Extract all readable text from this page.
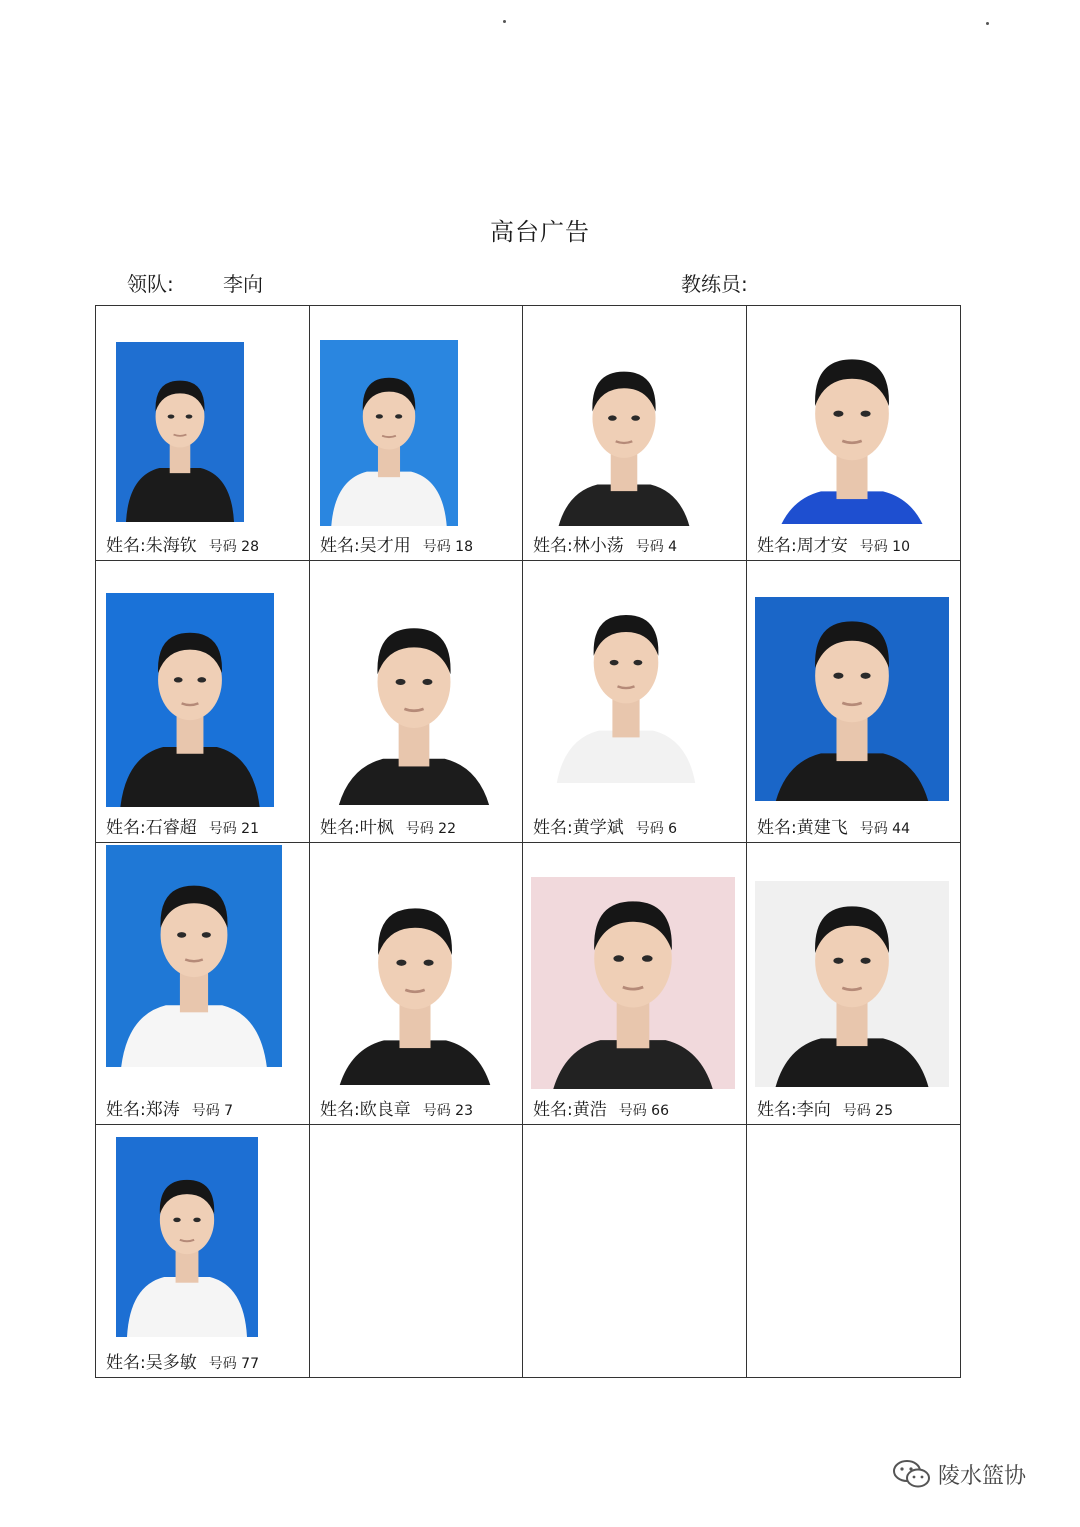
高台广告
领队: 李向	教练员:
姓名:朱海钦 号码 28	姓名:吴才用 号码 18	姓名:林小荡 号码 4	姓名:周才安 号码 10

姓名:石睿超 号码 21	姓名:叶枫 号码 22	姓名:黄学斌 号码 6	姓名:黄建飞 号码 44

姓名:郑涛 号码 7	姓名:欧良章 号码 23	姓名:黄浩 号码 66	姓名:李向 号码 25

姓名:吴多敏 号码 77			

陵水篮协
